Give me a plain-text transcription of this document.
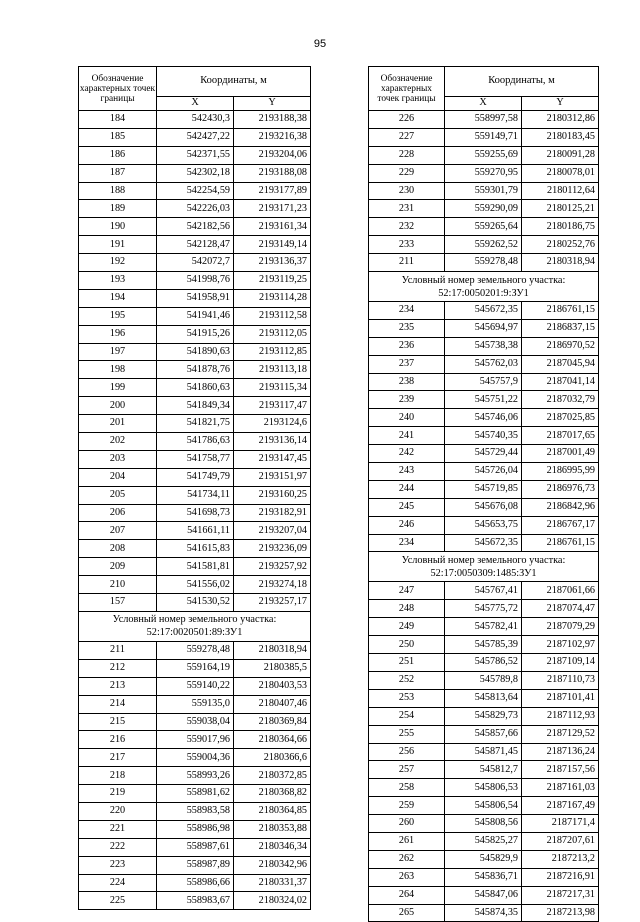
95
Обозначение характерных точек границы	Координаты, м	
	X	Y
184	542430,3	2193188,38
185	542427,22	2193216,38
186	542371,55	2193204,06
187	542302,18	2193188,08
188	542254,59	2193177,89
189	542226,03	2193171,23
190	542182,56	2193161,34
191	542128,47	2193149,14
192	542072,7	2193136,37
193	541998,76	2193119,25
194	541958,91	2193114,28
195	541941,46	2193112,58
196	541915,26	2193112,05
197	541890,63	2193112,85
198	541878,76	2193113,18
199	541860,63	2193115,34
200	541849,34	2193117,47
201	541821,75	2193124,6
202	541786,63	2193136,14
203	541758,77	2193147,45
204	541749,79	2193151,97
205	541734,11	2193160,25
206	541698,73	2193182,91
207	541661,11	2193207,04
208	541615,83	2193236,09
209	541581,81	2193257,92
210	541556,02	2193274,18
157	541530,52	2193257,17
Условный номер земельного участка: 52:17:0020501:89:ЗУ1		
211	559278,48	2180318,94
212	559164,19	2180385,5
213	559140,22	2180403,53
214	559135,0	2180407,46
215	559038,04	2180369,84
216	559017,96	2180364,66
217	559004,36	2180366,6
218	558993,26	2180372,85
219	558981,62	2180368,82
220	558983,58	2180364,85
221	558986,98	2180353,88
222	558987,61	2180346,34
223	558987,89	2180342,96
224	558986,66	2180331,37
225	558983,67	2180324,02
Обозначение характерных точек границы	Координаты, м	
	X	Y
226	558997,58	2180312,86
227	559149,71	2180183,45
228	559255,69	2180091,28
229	559270,95	2180078,01
230	559301,79	2180112,64
231	559290,09	2180125,21
232	559265,64	2180186,75
233	559262,52	2180252,76
211	559278,48	2180318,94
Условный номер земельного участка: 52:17:0050201:9:ЗУ1		
234	545672,35	2186761,15
235	545694,97	2186837,15
236	545738,38	2186970,52
237	545762,03	2187045,94
238	545757,9	2187041,14
239	545751,22	2187032,79
240	545746,06	2187025,85
241	545740,35	2187017,65
242	545729,44	2187001,49
243	545726,04	2186995,99
244	545719,85	2186976,73
245	545676,08	2186842,96
246	545653,75	2186767,17
234	545672,35	2186761,15
Условный номер земельного участка: 52:17:0050309:1485:ЗУ1		
247	545767,41	2187061,66
248	545775,72	2187074,47
249	545782,41	2187079,29
250	545785,39	2187102,97
251	545786,52	2187109,14
252	545789,8	2187110,73
253	545813,64	2187101,41
254	545829,73	2187112,93
255	545857,66	2187129,52
256	545871,45	2187136,24
257	545812,7	2187157,56
258	545806,53	2187161,03
259	545806,54	2187167,49
260	545808,56	2187171,4
261	545825,27	2187207,61
262	545829,9	2187213,2
263	545836,71	2187216,91
264	545847,06	2187217,31
265	545874,35	2187213,98
